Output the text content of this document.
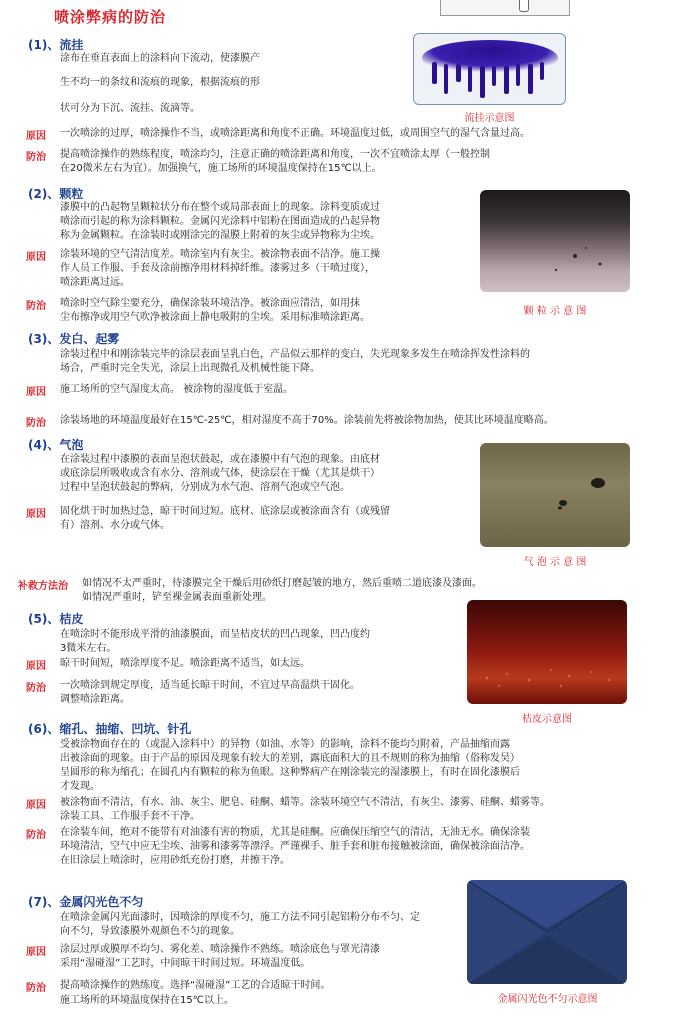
喷涂弊病的防治
(1)、流挂
涂布在垂直表面上的涂料向下流动，使漆膜产
生不均一的条纹和流痕的现象，根据流痕的形
状可分为下沉、流挂、流滴等。
原因 一次喷涂的过厚，喷涂操作不当，或喷涂距离和角度不正确。环境温度过低，或周围空气的湿气含量过高。
防治 提高喷涂操作的熟练程度，喷涂均匀，注意正确的喷涂距离和角度，一次不宜喷涂太厚（一般控制
在20微米左右为宜）。加强换气，施工场所的环境温度保持在15℃以上。
流挂示意图
(2)、颗粒
漆膜中的凸起物呈颗粒状分布在整个或局部表面上的现象。涂料变质或过
喷涂而引起的称为涂料颗粒。金属闪光涂料中铝粉在图面造成的凸起异物
称为金属颗粒。在涂装时或刚涂完的湿膜上附着的灰尘或异物称为尘埃。
原因 涂装环境的空气清洁度差。喷涂室内有灰尘。被涂物表面不洁净。施工操
作人员工作服、手套及涂前擦净用材料掉纤维。漆雾过多（干喷过度），
喷涂距离过远。
防治 喷涂时空气除尘要充分，确保涂装环境洁净。被涂面应清洁，如用抹
尘布擦净或用空气吹净被涂面上静电吸附的尘埃。采用标准喷涂距离。
颗 粒 示 意 图
(3)、发白、起雾
涂装过程中和刚涂装完毕的涂层表面呈乳白色，产品似云那样的变白，失光现象多发生在喷涂挥发性涂料的
场合，严重时完全失光，涂层上出现微孔及机械性能下降。
原因 施工场所的空气湿度太高。 被涂物的湿度低于室温。
防治 涂装场地的环境温度最好在15℃-25℃，相对湿度不高于70%。涂装前先将被涂物加热，使其比环境温度略高。
(4)、气泡
在涂装过程中漆膜的表面呈泡状鼓起，或在漆膜中有气泡的现象。由底材
或底涂层所吸收或含有水分、溶剂或气体，使涂层在干燥（尤其是烘干）
过程中呈泡状鼓起的弊病，分别成为水气泡、溶剂气泡或空气泡。
原因 固化烘干时加热过急，晾干时间过短。底材、底涂层或被涂面含有（或残留
有）溶剂、水分或气体。
气 泡 示 意 图
补救方法治 如情况不太严重时，待漆膜完全干燥后用砂纸打磨起皱的地方，然后重喷二道底漆及漆面。
如情况严重时，铲至裸金属表面重新处理。
(5)、桔皮
在喷涂时不能形成平滑的油漆膜面，而呈桔皮状的凹凸现象，凹凸度约
3微米左右。
原因 晾干时间短，喷涂厚度不足。喷涂距离不适当，如太远。
防治 一次喷涂到规定厚度，适当延长晾干时间，不宜过早高温烘干固化。
调整喷涂距离。
桔皮示意图
(6)、缩孔、抽缩、凹坑、针孔
受被涂物面存在的（或混入涂料中）的异物（如油、水等）的影响，涂料不能均匀附着，产品抽缩而露
出被涂面的现象。由于产品的原因及现象有较大的差别，露底面积大的且不规则的称为抽缩（俗称发吴）
呈圆形的称为缩孔；在圆孔内有颗粒的称为鱼眼。这种弊病产在刚涂装完的湿漆膜上，有时在固化漆膜后
才发现。
原因 被涂物面不清洁，有水、油、灰尘、肥皂、硅酮、蜡等。涂装环境空气不清洁，有灰尘、漆雾、硅酮、蜡雾等。
涂装工具、工作服手套不干净。
防治 在涂装车间，绝对不能带有对油漆有害的物质，尤其是硅酮。应确保压缩空气的清洁，无油无水。确保涂装
环境清洁，空气中应无尘埃、油雾和漆雾等漂浮。严谨裸手、脏手套和脏布接触被涂面，确保被涂面洁净。
在旧涂层上喷涂时，应用砂纸充份打磨，并擦干净。
(7)、金属闪光色不匀
在喷涂金属闪光面漆时，因喷涂的厚度不匀，施工方法不同引起铝粉分布不匀、定
向不匀，导致漆膜外观颜色不匀的现象。
原因 涂层过厚或膜厚不均匀、雾化差、喷涂操作不熟练。喷涂底色与罩光清漆
采用“湿碰湿”工艺时，中间晾干时间过短。环境温度低。
防治 提高喷涂操作的熟练度。选择“湿碰湿”工艺的合适晾干时间。
施工场所的环境温度保持在15℃以上。	金属闪光色不匀示意图
